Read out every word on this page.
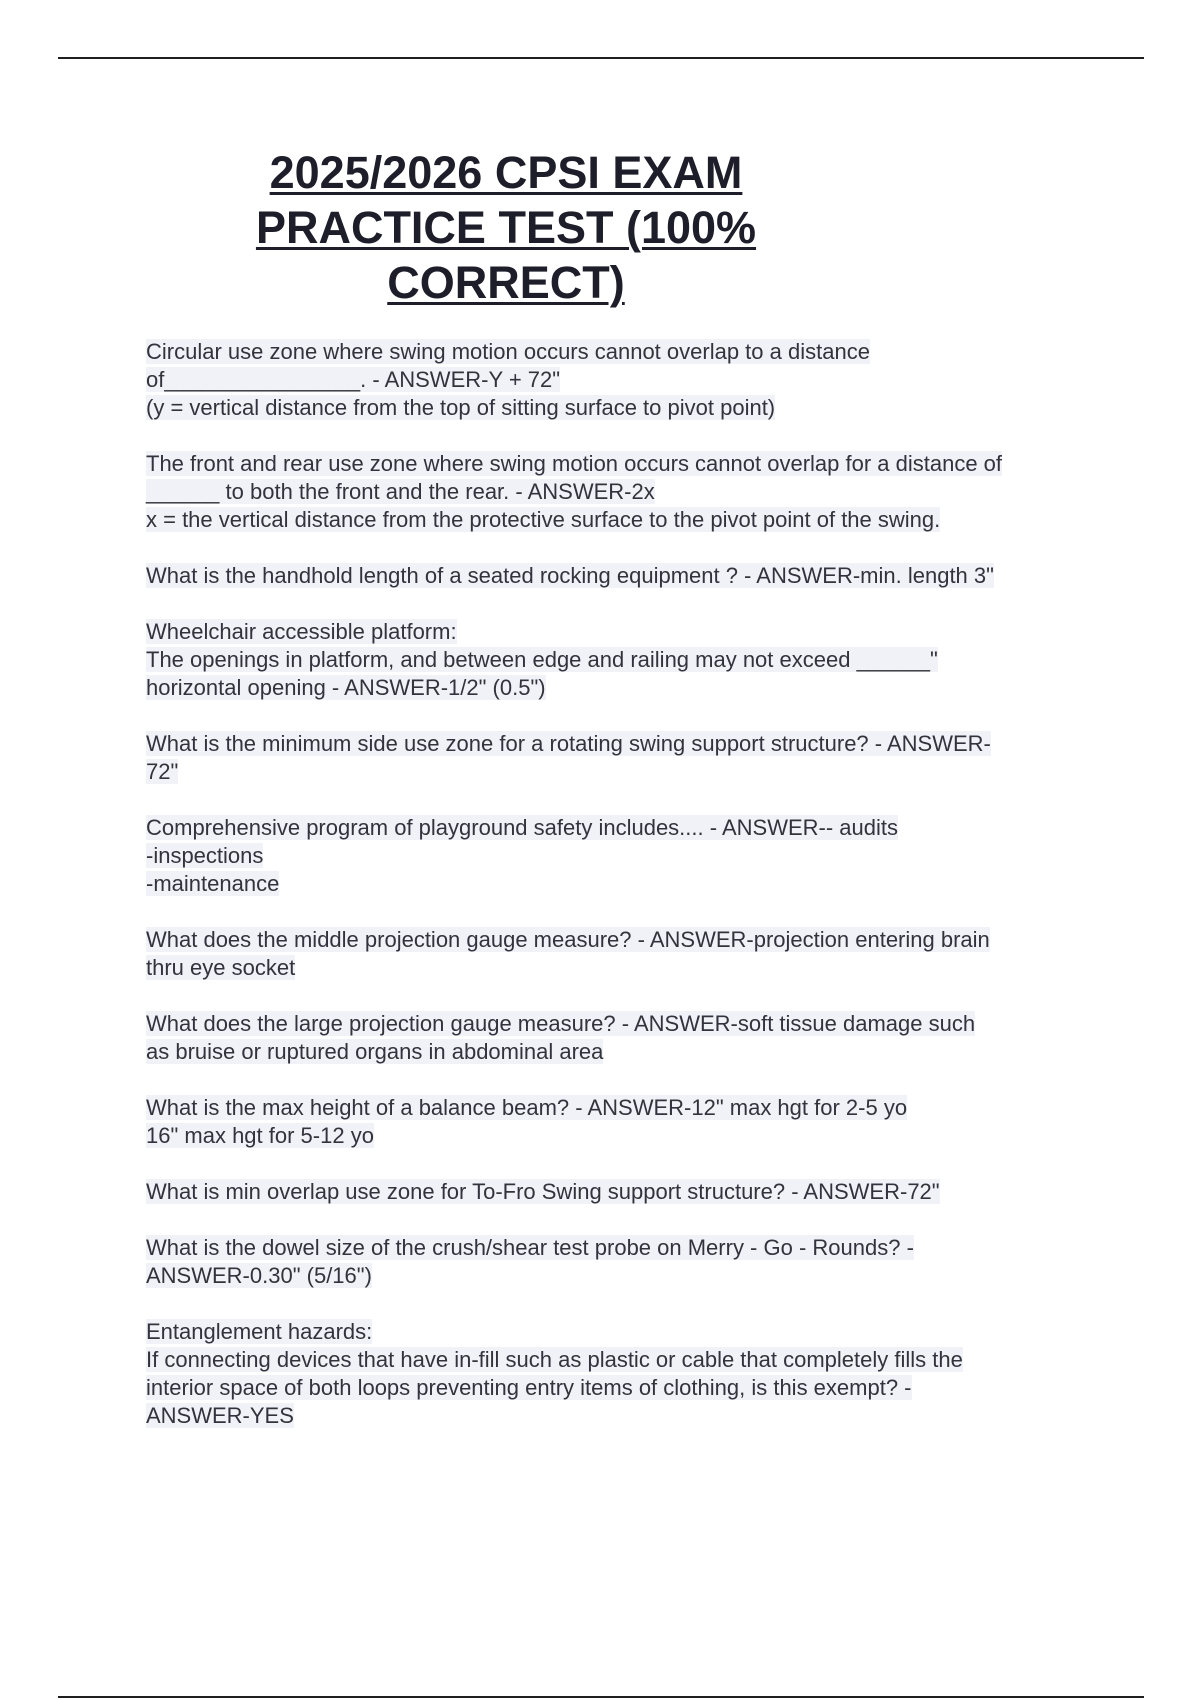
2025/2026 CPSI EXAM
PRACTICE TEST (100%
CORRECT)

Circular use zone where swing motion occurs cannot overlap to a distance
of________________. - ANSWER-Y + 72"
(y = vertical distance from the top of sitting surface to pivot point)

The front and rear use zone where swing motion occurs cannot overlap for a distance of
______ to both the front and the rear. - ANSWER-2x
x = the vertical distance from the protective surface to the pivot point of the swing.

What is the handhold length of a seated rocking equipment ? - ANSWER-min. length 3"

Wheelchair accessible platform:
The openings in platform, and between edge and railing may not exceed ______"
horizontal opening - ANSWER-1/2" (0.5")

What is the minimum side use zone for a rotating swing support structure? - ANSWER-
72"

Comprehensive program of playground safety includes.... - ANSWER-- audits
-inspections
-maintenance

What does the middle projection gauge measure? - ANSWER-projection entering brain
thru eye socket

What does the large projection gauge measure? - ANSWER-soft tissue damage such
as bruise or ruptured organs in abdominal area

What is the max height of a balance beam? - ANSWER-12" max hgt for 2-5 yo
16" max hgt for 5-12 yo

What is min overlap use zone for To-Fro Swing support structure? - ANSWER-72"

What is the dowel size of the crush/shear test probe on Merry - Go - Rounds? -
ANSWER-0.30" (5/16")

Entanglement hazards:
If connecting devices that have in-fill such as plastic or cable that completely fills the
interior space of both loops preventing entry items of clothing, is this exempt? -
ANSWER-YES
